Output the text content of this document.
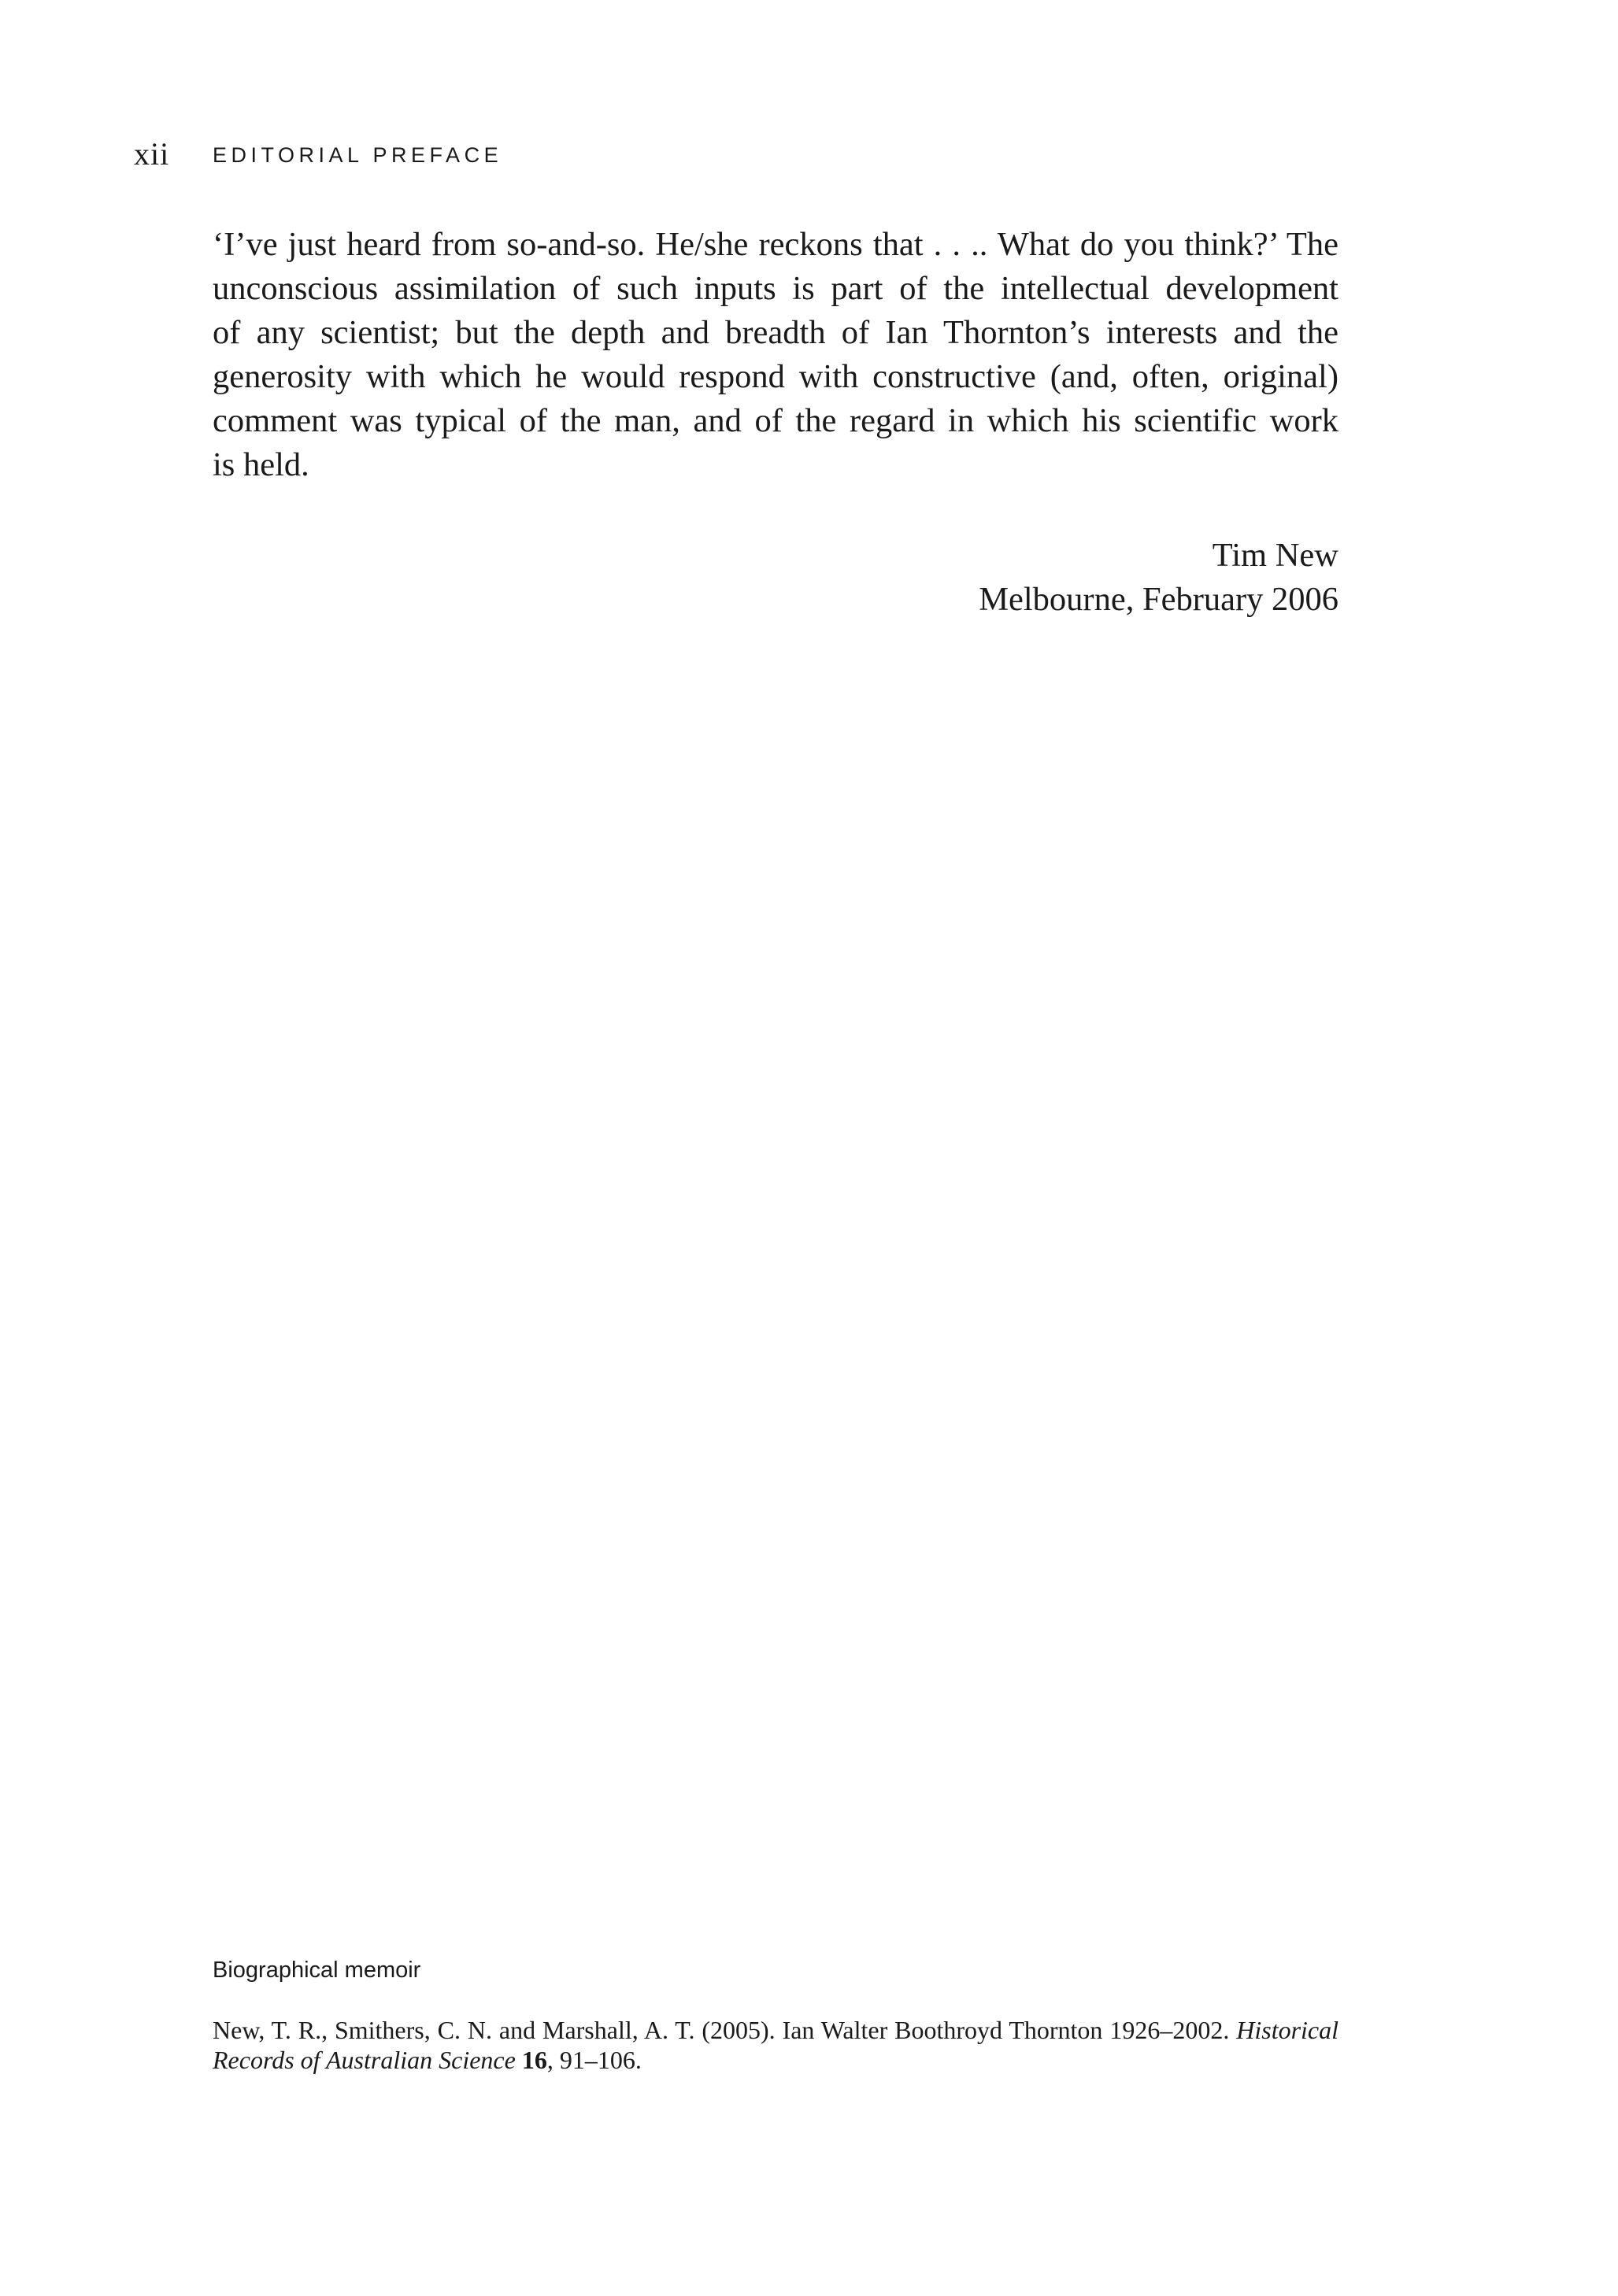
xii EDITORIAL PREFACE
‘I’ve just heard from so-and-so. He/she reckons that . . .. What do you think?’ The
unconscious assimilation of such inputs is part of the intellectual development
of any scientist; but the depth and breadth of Ian Thornton’s interests and the
generosity with which he would respond with constructive (and, often, original)
comment was typical of the man, and of the regard in which his scientific work
is held.
Tim New
Melbourne, February 2006
Biographical memoir
New, T. R., Smithers, C. N. and Marshall, A. T. (2005). Ian Walter Boothroyd Thornton 1926–2002. Historical
Records of Australian Science 16, 91–106.
